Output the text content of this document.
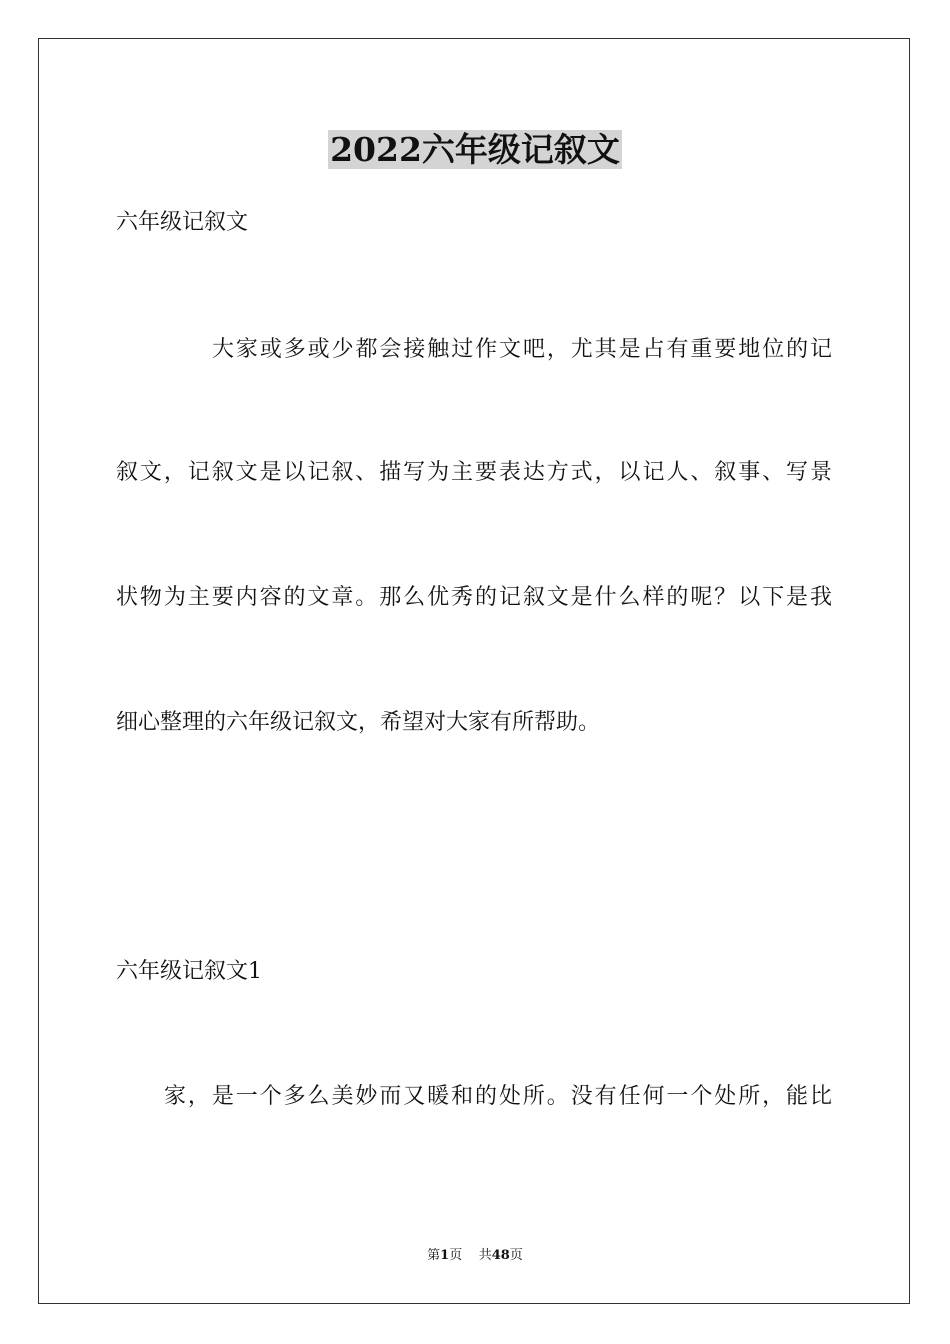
2022六年级记叙文
六年级记叙文
大家或多或少都会接触过作文吧，尤其是占有重要地位的记
叙文，记叙文是以记叙、描写为主要表达方式，以记人、叙事、写景
状物为主要内容的文章。那么优秀的记叙文是什么样的呢？以下是我
细心整理的六年级记叙文，希望对大家有所帮助。
六年级记叙文1
家，是一个多么美妙而又暖和的处所。没有任何一个处所，能比
第1页 共48页
